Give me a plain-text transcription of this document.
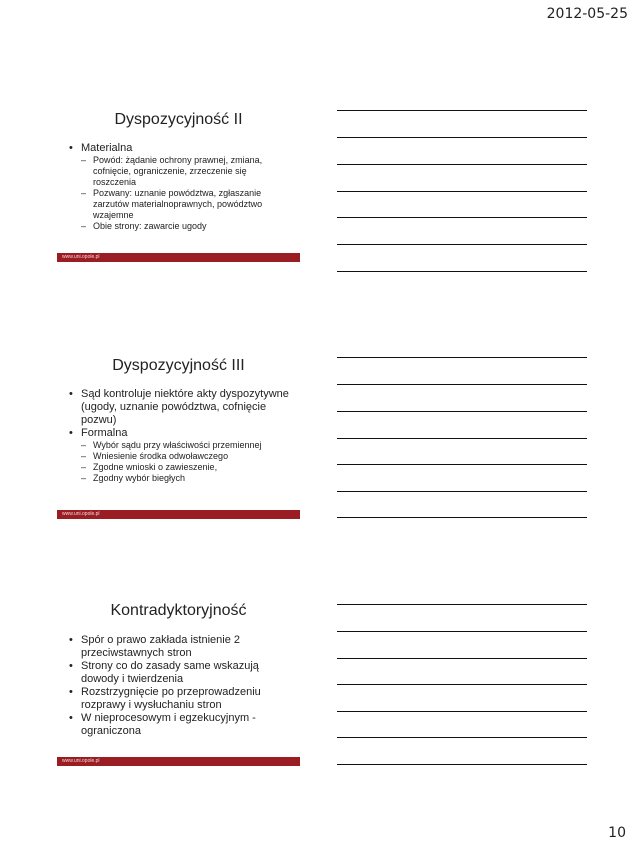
2012-05-25
Dyspozycyjność II
• Materialna
– Powód: żądanie ochrony prawnej, zmiana, cofnięcie, ograniczenie, zrzeczenie się roszczenia
– Pozwany: uznanie powództwa, zgłaszanie zarzutów materialnoprawnych, powództwo wzajemne
– Obie strony: zawarcie ugody
www.uni.opole.pl
Dyspozycyjność III
• Sąd kontroluje niektóre akty dyspozytywne (ugody, uznanie powództwa, cofnięcie pozwu)
• Formalna
– Wybór sądu przy właściwości przemiennej
– Wniesienie środka odwoławczego
– Zgodne wnioski o zawieszenie,
– Zgodny wybór biegłych
www.uni.opole.pl
Kontradyktoryjność
• Spór o prawo zakłada istnienie 2 przeciwstawnych stron
• Strony co do zasady same wskazują dowody i twierdzenia
• Rozstrzygnięcie po przeprowadzeniu rozprawy i wysłuchaniu stron
• W nieprocesowym i egzekucyjnym - ograniczona
www.uni.opole.pl
10
